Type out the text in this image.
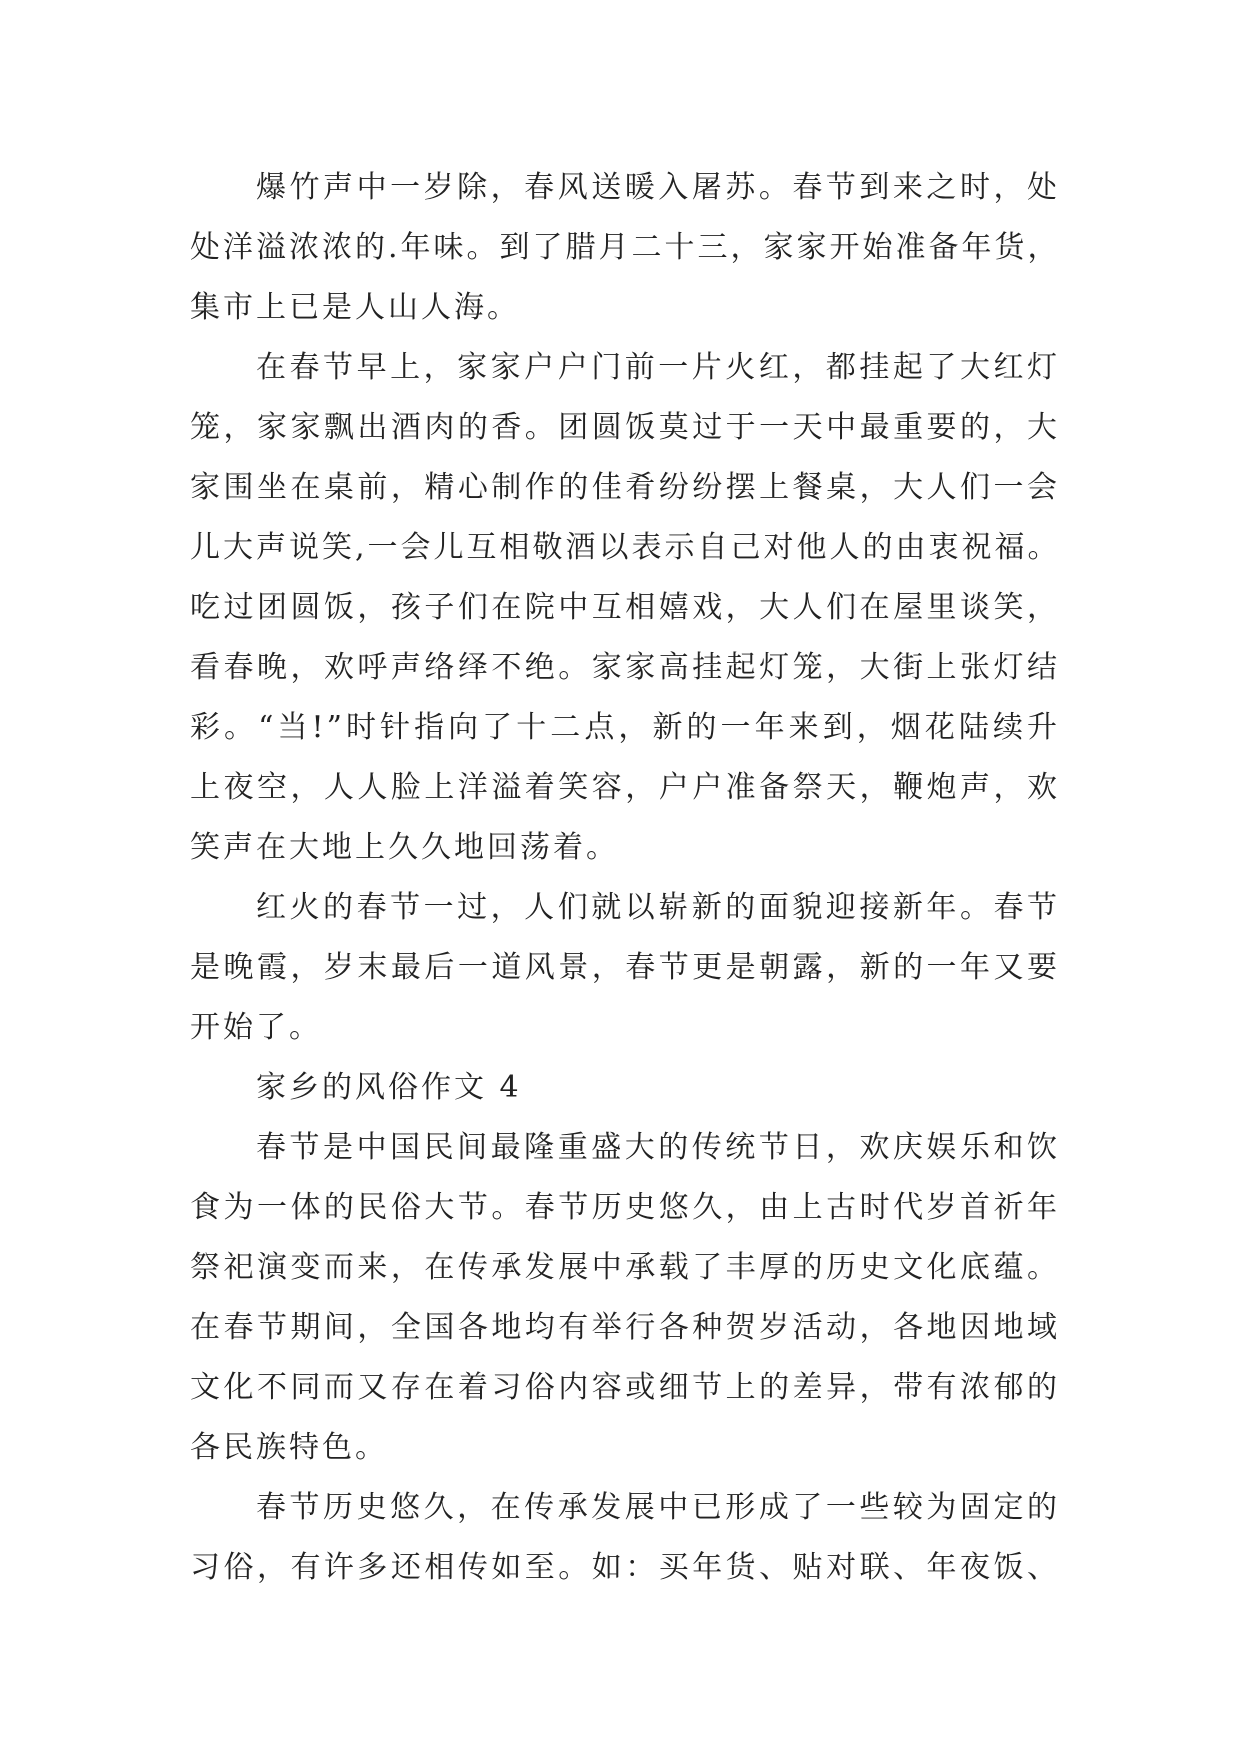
爆竹声中一岁除，春风送暖入屠苏。春节到来之时，处
处洋溢浓浓的.年味。到了腊月二十三，家家开始准备年货，
集市上已是人山人海。
在春节早上，家家户户门前一片火红，都挂起了大红灯
笼，家家飘出酒肉的香。团圆饭莫过于一天中最重要的，大
家围坐在桌前，精心制作的佳肴纷纷摆上餐桌，大人们一会
儿大声说笑,一会儿互相敬酒以表示自己对他人的由衷祝福。
吃过团圆饭，孩子们在院中互相嬉戏，大人们在屋里谈笑，
看春晚，欢呼声络绎不绝。家家高挂起灯笼，大街上张灯结
彩。“当!”时针指向了十二点，新的一年来到，烟花陆续升
上夜空，人人脸上洋溢着笑容，户户准备祭天，鞭炮声，欢
笑声在大地上久久地回荡着。
红火的春节一过，人们就以崭新的面貌迎接新年。春节
是晚霞，岁末最后一道风景，春节更是朝露，新的一年又要
开始了。
家乡的风俗作文 4
春节是中国民间最隆重盛大的传统节日，欢庆娱乐和饮
食为一体的民俗大节。春节历史悠久，由上古时代岁首祈年
祭祀演变而来，在传承发展中承载了丰厚的历史文化底蕴。
在春节期间，全国各地均有举行各种贺岁活动，各地因地域
文化不同而又存在着习俗内容或细节上的差异，带有浓郁的
各民族特色。
春节历史悠久，在传承发展中已形成了一些较为固定的
习俗，有许多还相传如至。如：买年货、贴对联、年夜饭、
